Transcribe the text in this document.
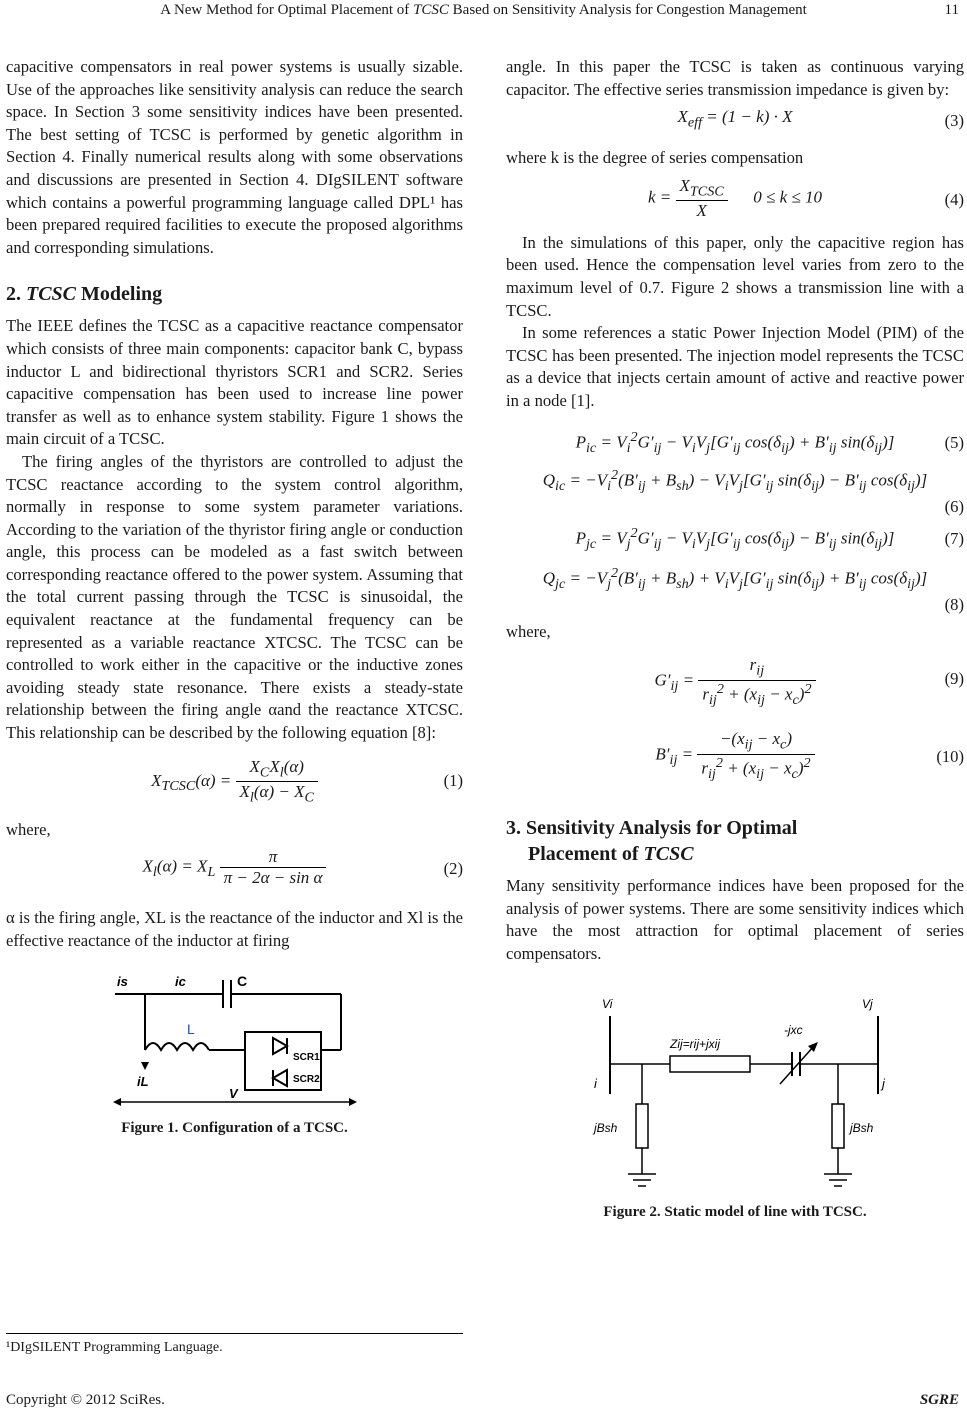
A New Method for Optimal Placement of TCSC Based on Sensitivity Analysis for Congestion Management	11

capacitive compensators in real power systems is usually sizable. Use of the approaches like sensitivity analysis can reduce the search space. In Section 3 some sensitivity indices have been presented. The best setting of TCSC is performed by genetic algorithm in Section 4. Finally numerical results along with some observations and discussions are presented in Section 4. DIgSILENT software which contains a powerful programming language called DPL¹ has been prepared required facilities to execute the proposed algorithms and corresponding simulations.

2. TCSC Modeling

The IEEE defines the TCSC as a capacitive reactance compensator which consists of three main components: capacitor bank C, bypass inductor L and bidirectional thyristors SCR1 and SCR2. Series capacitive compensation has been used to increase line power transfer as well as to enhance system stability. Figure 1 shows the main circuit of a TCSC.

The firing angles of the thyristors are controlled to adjust the TCSC reactance according to the system control algorithm, normally in response to some system parameter variations. According to the variation of the thyristor firing angle or conduction angle, this process can be modeled as a fast switch between corresponding reactance offered to the power system. Assuming that the total current passing through the TCSC is sinusoidal, the equivalent reactance at the fundamental frequency can be represented as a variable reactance XTCSC. The TCSC can be controlled to work either in the capacitive or the inductive zones avoiding steady state resonance. There exists a steady-state relationship between the firing angle αand the reactance XTCSC. This relationship can be described by the following equation [8]:

$X_{TCSC}(\alpha) = \frac{X_CX_l(\alpha)}{X_l(\alpha) - X_C}$	(1)

where,

$X_l(\alpha) = X_L \frac{\pi}{\text{π − 2α − sin α}}$	(2)

α is the firing angle, XL is the reactance of the inductor and Xl is the effective reactance of the inductor at firing

is	ic	C
L
iL
SCR1
SCR2
V
Figure 1. Configuration of a TCSC.
¹DIgSILENT Programming Language.

angle. In this paper the TCSC is taken as continuous varying capacitor. The effective series transmission impedance is given by:

$X_{eff} = (1 - k) \cdot X$	(3)

where k is the degree of series compensation

$k = \frac{X_{TCSC}}{X} 0 \le k \le 10$	(4)

In the simulations of this paper, only the capacitive region has been used. Hence the compensation level varies from zero to the maximum level of 0.7. Figure 2 shows a transmission line with a TCSC.

In some references a static Power Injection Model (PIM) of the TCSC has been presented. The injection model represents the TCSC as a device that injects certain amount of active and reactive power in a node [1].

$P_{ic} = V_i^2G'_{ij} - V_iV_j[G'_{ij}$ $\cos(\delta_{ij}) + B'_{ij}$ $\sin(\delta_{ij})$]	(5)
$Q_{ic} = -V_i^2(B'_{ij} + B_{sh}) - V_iV_j[G'_{ij}$ $\sin(\delta_{ij}) - B'_{ij}$ $\cos(\delta_{ij})$]
(6)
$P_{jc} = V_j^2G'_{ij} - V_iV_j[G'_{ij}$ $\cos(\delta_{ij}) - B'_{ij}$ $\sin(\delta_{ij})$]	(7)
$Q_{jc} = -V_j^2(B'_{ij} + B_{sh}) + V_iV_j[G'_{ij}$ $\sin(\delta_{ij}) + B'_{ij}$ $\cos(\delta_{ij})$]
(8)

where,

$G'_{ij} = \frac{r_{ij}}{r_{ij}^2 + (x_{ij} - x_c)^2}$	(9)
$B'_{ij} = \frac{-(x_{ij} - x_c)}{r_{ij}^2 + (x_{ij} - x_c)^2}$	(10)
3. Sensitivity Analysis for Optimal
Placement of TCSC

Many sensitivity performance indices have been proposed for the analysis of power systems. There are some sensitivity indices which have the most attraction for optimal placement of series compensators.

Vi	Vj
Zij=rij+jxij
-jxc
i	j
jBsh	jBsh
Figure 2. Static model of line with TCSC.
Copyright © 2012 SciRes.	SGRE
